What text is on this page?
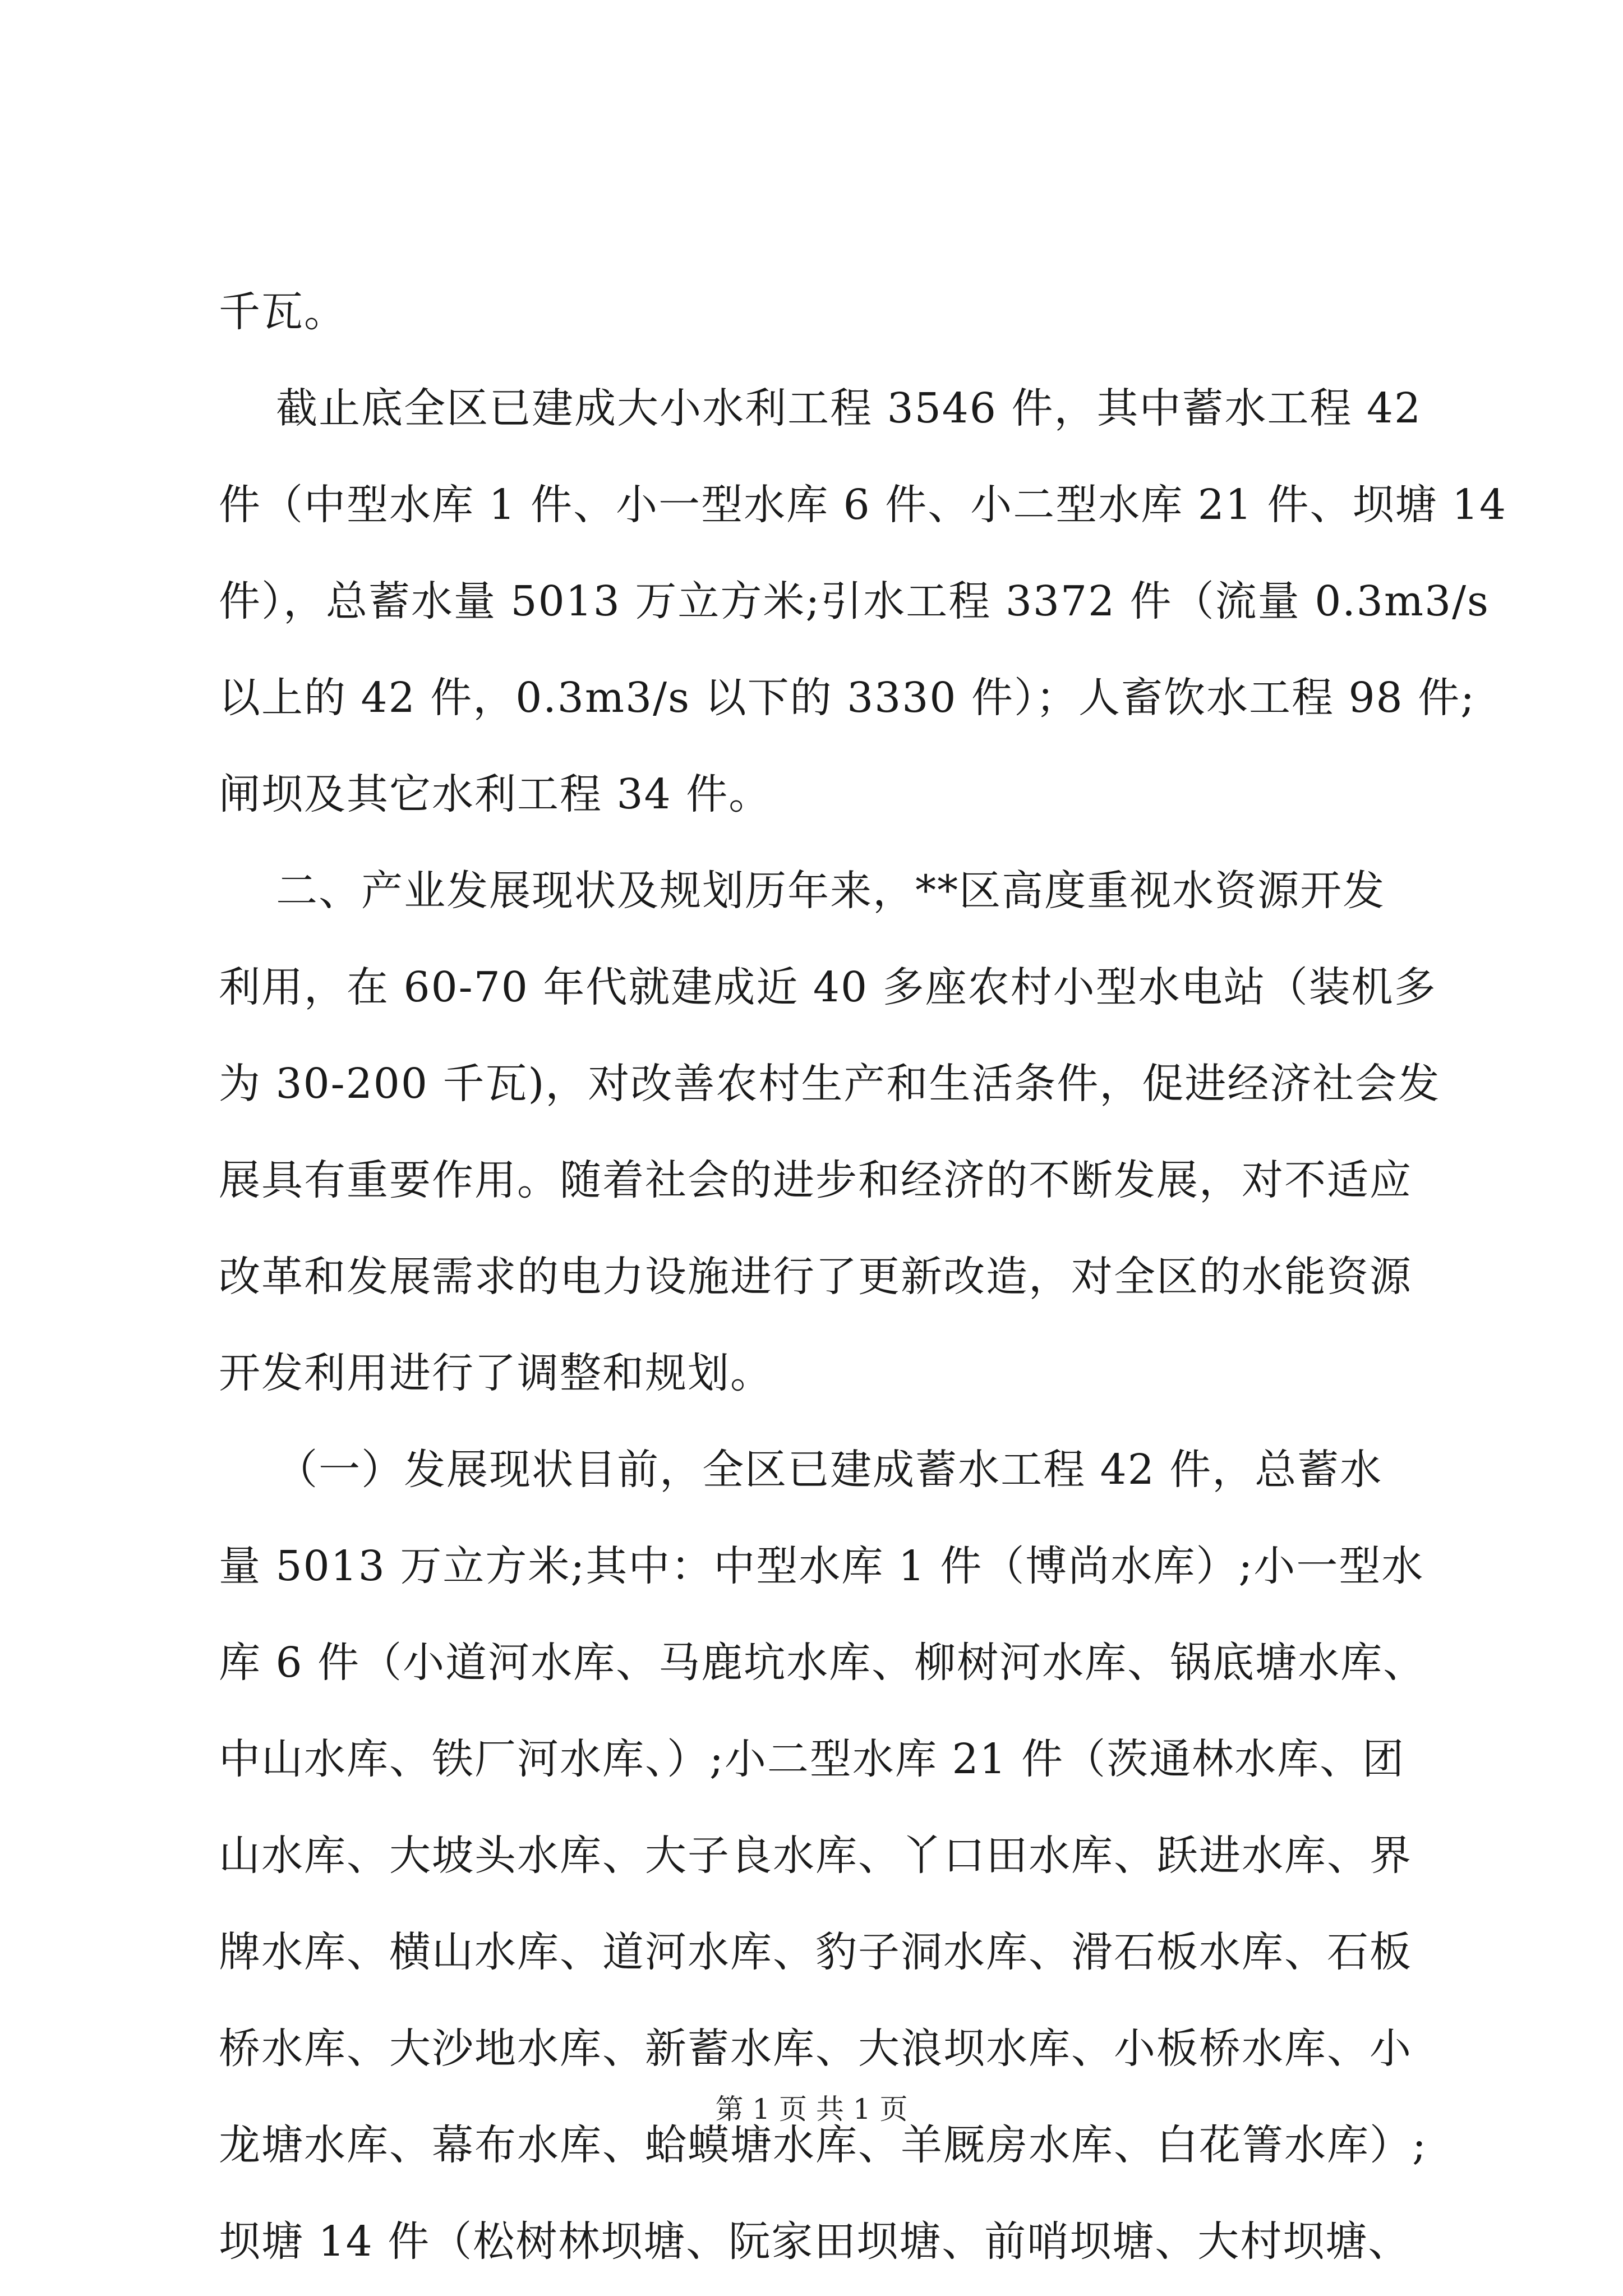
千瓦。
截止底全区已建成大小水利工程 3546 件，其中蓄水工程 42
件（中型水库 1 件、小一型水库 6 件、小二型水库 21 件、坝塘 14
件），总蓄水量 5013 万立方米;引水工程 3372 件（流量 0.3m3/s
以上的 42 件，0.3m3/s 以下的 3330 件）；人畜饮水工程 98 件;
闸坝及其它水利工程 34 件。
二、产业发展现状及规划历年来，**区高度重视水资源开发
利用，在 60-70 年代就建成近 40 多座农村小型水电站（装机多
为 30-200 千瓦)，对改善农村生产和生活条件，促进经济社会发
展具有重要作用。随着社会的进步和经济的不断发展，对不适应
改革和发展需求的电力设施进行了更新改造，对全区的水能资源
开发利用进行了调整和规划。
（一）发展现状目前，全区已建成蓄水工程 42 件，总蓄水
量 5013 万立方米;其中：中型水库 1 件（博尚水库）;小一型水
库 6 件（小道河水库、马鹿坑水库、柳树河水库、锅底塘水库、
中山水库、铁厂河水库、）;小二型水库 21 件（茨通林水库、团
山水库、大坡头水库、大子良水库、丫口田水库、跃进水库、界
牌水库、横山水库、道河水库、豹子洞水库、滑石板水库、石板
桥水库、大沙地水库、新蓄水库、大浪坝水库、小板桥水库、小
龙塘水库、幕布水库、蛤蟆塘水库、羊厩房水库、白花箐水库）;
坝塘 14 件（松树林坝塘、阮家田坝塘、前哨坝塘、大村坝塘、
第 1 页 共 1 页
